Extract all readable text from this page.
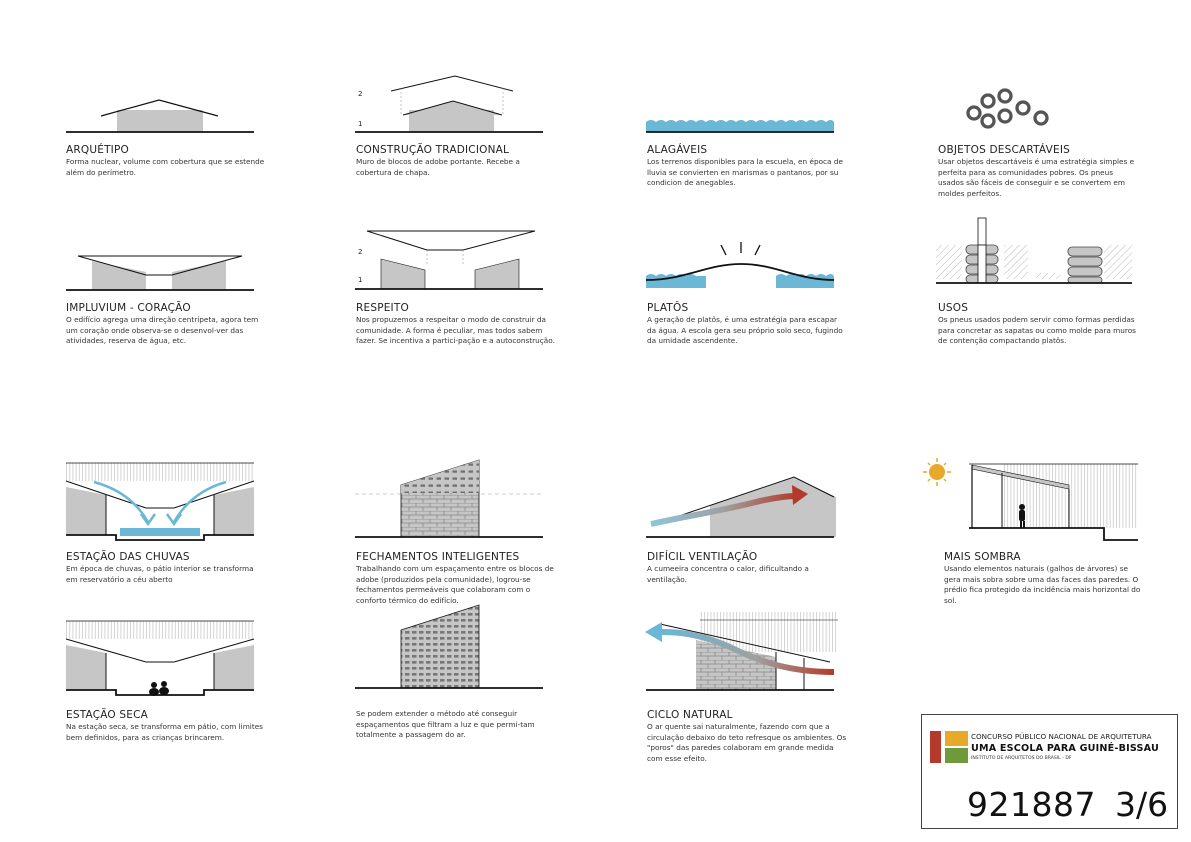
ARQUÉTIPO
Forma nuclear, volume com cobertura que se estende além do perímetro.
2
1
CONSTRUÇÃO TRADICIONAL
Muro de blocos de adobe portante. Recebe a cobertura de chapa.
ALAGÁVEIS
Los terrenos disponibles para la escuela, en época de lluvia se convierten en marismas o pantanos, por su condicion de anegables.
OBJETOS DESCARTÁVEIS
Usar objetos descartáveis é uma estratégia simples e perfeita para as comunidades pobres. Os pneus usados são fáceis de conseguir e se convertem em moldes perfeitos.
IMPLUVIUM - CORAÇÃO
O edifício agrega uma direção centrípeta, agora tem um coração onde observa-se o desenvol-ver das atividades, reserva de água, etc.
2
1
RESPEITO
Nos propuzemos a respeitar o modo de construir da comunidade. A forma é peculiar, mas todos sabem fazer. Se incentiva a partici-pação e a autoconstrução.
PLATÔS
A geração de platôs, é uma estratégia para escapar da água. A escola gera seu próprio solo seco, fugindo da umidade ascendente.
USOS
Os pneus usados podem servir como formas perdidas para concretar as sapatas ou como molde para muros de contenção compactando platôs.
ESTAÇÃO DAS CHUVAS
Em época de chuvas, o pátio interior se transforma em reservatório a céu aberto
FECHAMENTOS INTELIGENTES
Trabalhando com um espaçamento entre os blocos de adobe (produzidos pela comunidade), logrou-se fechamentos permeáveis que colaboram com o conforto térmico do edifício.
DIFÍCIL VENTILAÇÃO
A cumeeira concentra o calor, dificultando a ventilação.
MAIS SOMBRA
Usando elementos naturais (galhos de árvores) se gera mais sobra sobre uma das faces das paredes. O prédio fica protegido da incidência mais horizontal do sol.
ESTAÇÃO SECA
Na estação seca, se transforma em pátio, com limites bem definidos, para as crianças brincarem.
Se podem extender o método até conseguir espaçamentos que filtram a luz e que permi-tam totalmente a passagem do ar.
CICLO NATURAL
O ar quente sai naturalmente, fazendo com que a circulação debaixo do teto refresque os ambientes. Os "poros" das paredes colaboram em grande medida com esse efeito.
CONCURSO PÚBLICO NACIONAL DE ARQUITETURA
UMA ESCOLA PARA GUINÉ-BISSAU
INSTITUTO DE ARQUITETOS DO BRASIL - DF
921887 3/6
